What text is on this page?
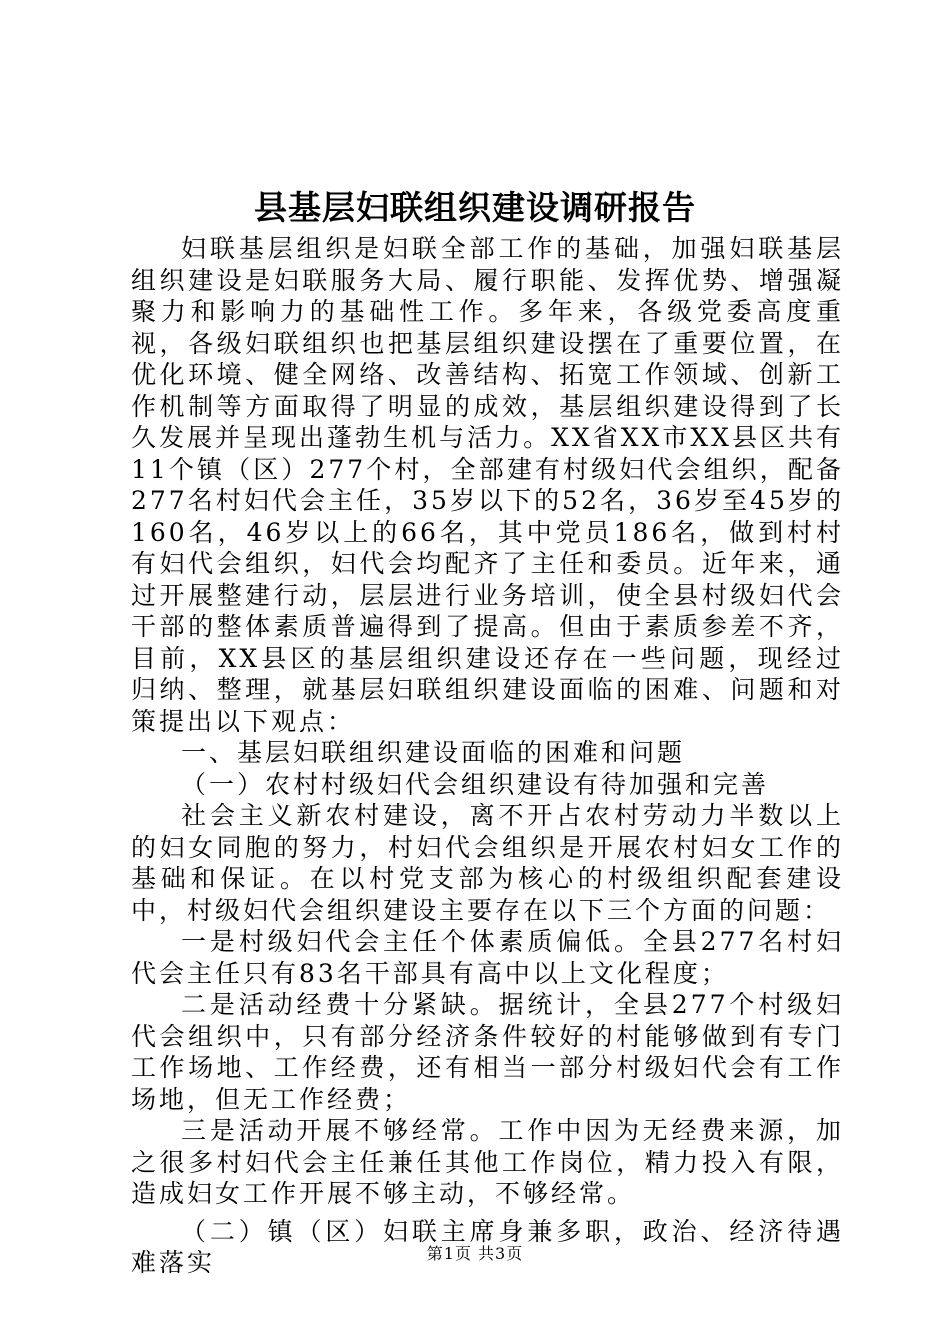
县基层妇联组织建设调研报告

妇联基层组织是妇联全部工作的基础，加强妇联基层组织建设是妇联服务大局、履行职能、发挥优势、增强凝聚力和影响力的基础性工作。多年来，各级党委高度重视，各级妇联组织也把基层组织建设摆在了重要位置，在优化环境、健全网络、改善结构、拓宽工作领域、创新工作机制等方面取得了明显的成效，基层组织建设得到了长久发展并呈现出蓬勃生机与活力。XX省XX市XX县区共有11个镇（区）277个村，全部建有村级妇代会组织，配备277名村妇代会主任，35岁以下的52名，36岁至45岁的160名，46岁以上的66名，其中党员186名，做到村村有妇代会组织，妇代会均配齐了主任和委员。近年来，通过开展整建行动，层层进行业务培训，使全县村级妇代会干部的整体素质普遍得到了提高。但由于素质参差不齐，目前，XX县区的基层组织建设还存在一些问题，现经过归纳、整理，就基层妇联组织建设面临的困难、问题和对策提出以下观点：

一、基层妇联组织建设面临的困难和问题

（一）农村村级妇代会组织建设有待加强和完善

社会主义新农村建设，离不开占农村劳动力半数以上的妇女同胞的努力，村妇代会组织是开展农村妇女工作的基础和保证。在以村党支部为核心的村级组织配套建设中，村级妇代会组织建设主要存在以下三个方面的问题：

一是村级妇代会主任个体素质偏低。全县277名村妇代会主任只有83名干部具有高中以上文化程度；

二是活动经费十分紧缺。据统计，全县277个村级妇代会组织中，只有部分经济条件较好的村能够做到有专门工作场地、工作经费，还有相当一部分村级妇代会有工作场地，但无工作经费；

三是活动开展不够经常。工作中因为无经费来源，加之很多村妇代会主任兼任其他工作岗位，精力投入有限，造成妇女工作开展不够主动，不够经常。

（二）镇（区）妇联主席身兼多职，政治、经济待遇难落实	第1页 共3页
